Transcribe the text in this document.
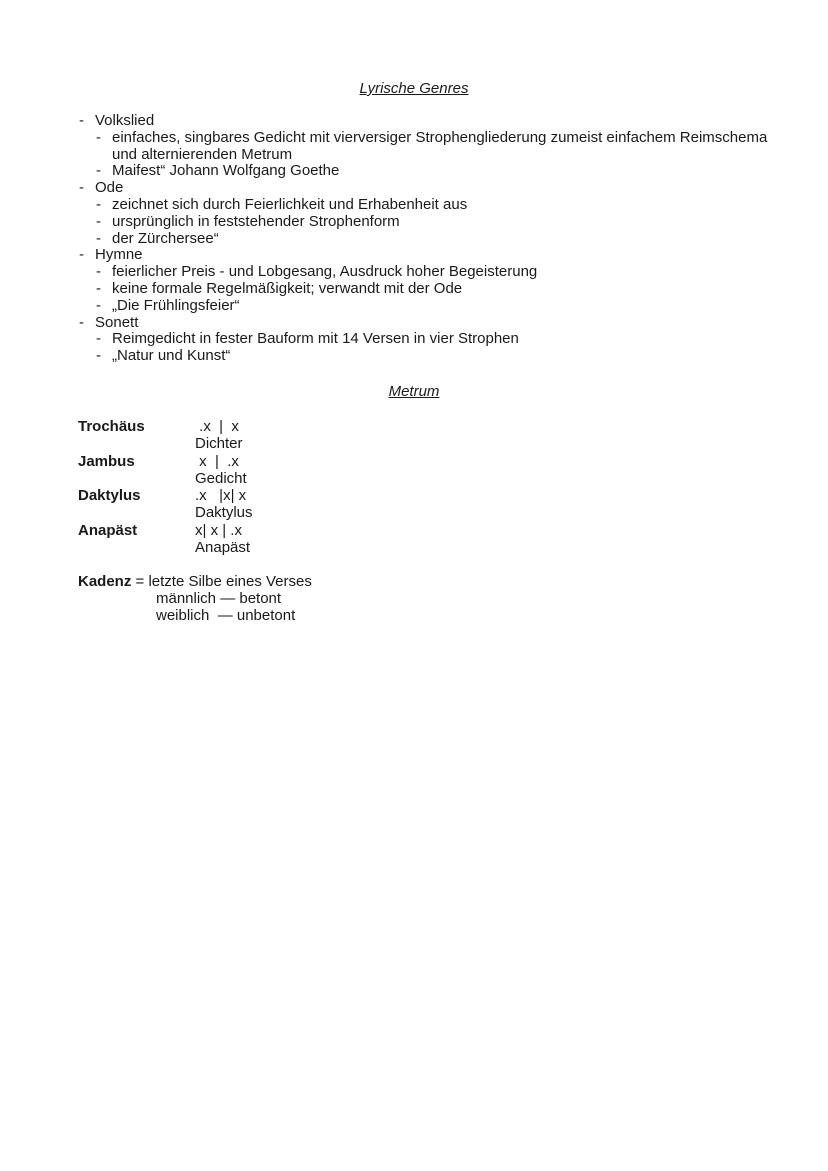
Lyrische Genres
- Volkslied
- einfaches, singbares Gedicht mit vierversiger Strophengliederung zumeist einfachem Reimschema und alternierenden Metrum
- Maifest“ Johann Wolfgang Goethe
- Ode
- zeichnet sich durch Feierlichkeit und Erhabenheit aus
- ursprünglich in feststehender Strophenform
- der Zürchersee“
- Hymne
- feierlicher Preis - und Lobgesang, Ausdruck hoher Begeisterung
- keine formale Regelmäßigkeit; verwandt mit der Ode
- „Die Frühlingsfeier“
- Sonett
- Reimgedicht in fester Bauform mit 14 Versen in vier Strophen
- „Natur und Kunst“
Metrum
Trochäus	.x  |  x
Dichter
Jambus	x  |  .x
Gedicht
Daktylus	.x   |x| x
Daktylus
Anapäst	x| x | .x
Anapäst
Kadenz = letzte Silbe eines Verses
männlich — betont
weiblich  — unbetont
